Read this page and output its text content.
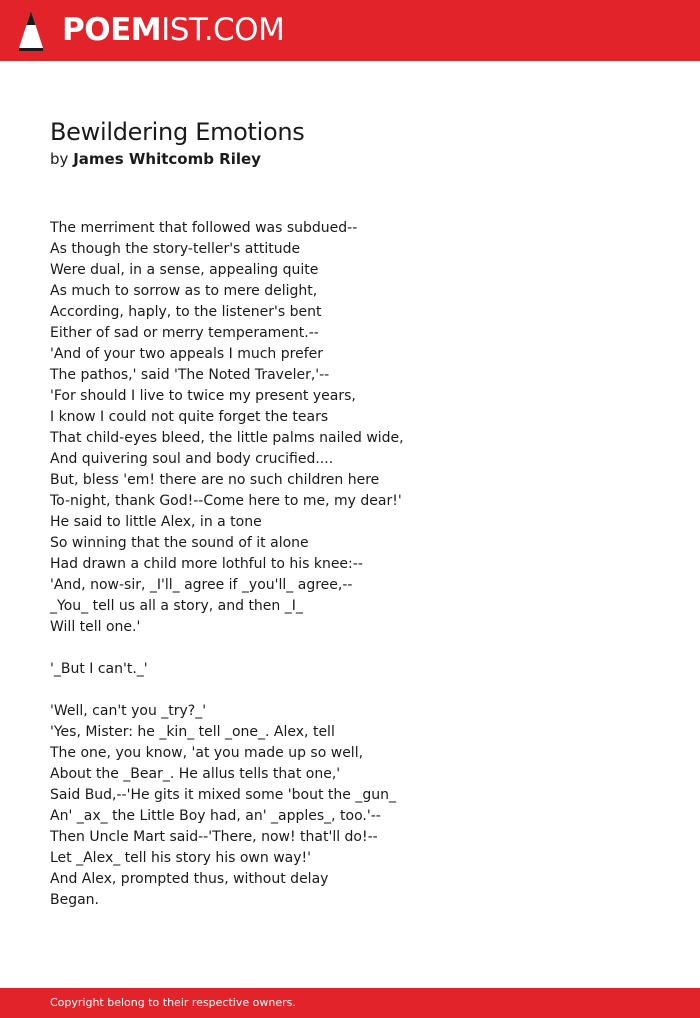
POEMIST.COM
Bewildering Emotions
by James Whitcomb Riley
The merriment that followed was subdued--
As though the story-teller's attitude
Were dual, in a sense, appealing quite
As much to sorrow as to mere delight,
According, haply, to the listener's bent
Either of sad or merry temperament.--
'And of your two appeals I much prefer
The pathos,' said 'The Noted Traveler,'--
'For should I live to twice my present years,
I know I could not quite forget the tears
That child-eyes bleed, the little palms nailed wide,
And quivering soul and body crucified....
But, bless 'em! there are no such children here
To-night, thank God!--Come here to me, my dear!'
He said to little Alex, in a tone
So winning that the sound of it alone
Had drawn a child more lothful to his knee:--
'And, now-sir, _I'll_ agree if _you'll_ agree,--
_You_ tell us all a story, and then _I_
Will tell one.'
'_But I can't._'
'Well, can't you _try?_'
'Yes, Mister: he _kin_ tell _one_. Alex, tell
The one, you know, 'at you made up so well,
About the _Bear_. He allus tells that one,'
Said Bud,--'He gits it mixed some 'bout the _gun_
An' _ax_ the Little Boy had, an' _apples_, too.'--
Then Uncle Mart said--'There, now! that'll do!--
Let _Alex_ tell his story his own way!'
And Alex, prompted thus, without delay
Began.
Copyright belong to their respective owners.
